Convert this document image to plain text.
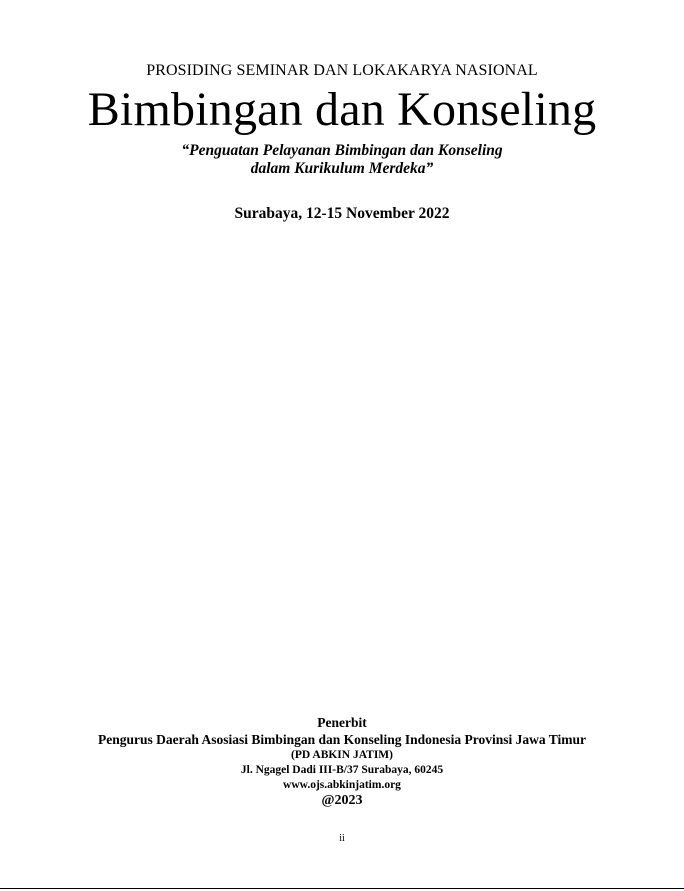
PROSIDING SEMINAR DAN LOKAKARYA NASIONAL
Bimbingan dan Konseling
“Penguatan Pelayanan Bimbingan dan Konseling
dalam Kurikulum Merdeka”
Surabaya, 12-15 November 2022
Penerbit
Pengurus Daerah Asosiasi Bimbingan dan Konseling Indonesia Provinsi Jawa Timur
(PD ABKIN JATIM)
Jl. Ngagel Dadi III-B/37 Surabaya, 60245
www.ojs.abkinjatim.org
@2023
ii
